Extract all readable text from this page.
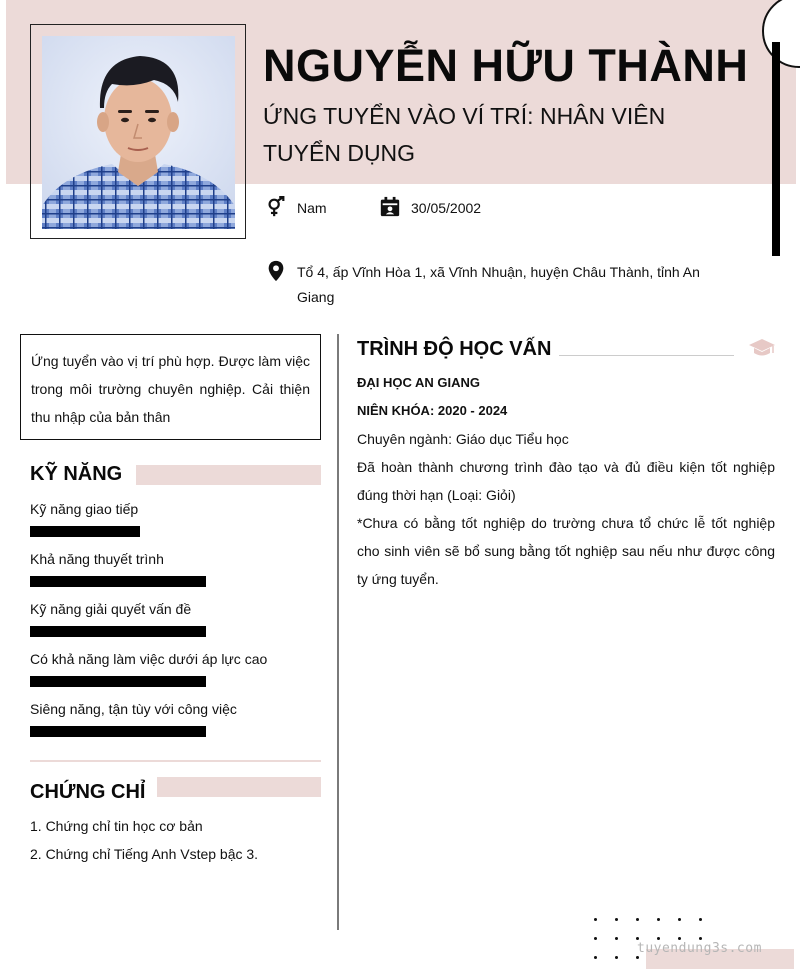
NGUYỄN HỮU THÀNH
ỨNG TUYỂN VÀO VÍ TRÍ: NHÂN VIÊN TUYỂN DỤNG
Nam	30/05/2002
Tổ 4, ấp Vĩnh Hòa 1, xã Vĩnh Nhuận, huyện Châu Thành, tỉnh An Giang
Ứng tuyển vào vị trí phù hợp. Được làm việc trong môi trường chuyên nghiệp. Cải thiện thu nhập của bản thân
KỸ NĂNG
Kỹ năng giao tiếp
Khả năng thuyết trình
Kỹ năng giải quyết vấn đề
Có khả năng làm việc dưới áp lực cao
Siêng năng, tận tùy với công việc
CHỨNG CHỈ
1. Chứng chỉ tin học cơ bản
2. Chứng chỉ Tiếng Anh Vstep bậc 3.
TRÌNH ĐỘ HỌC VẤN
ĐẠI HỌC AN GIANG
NIÊN KHÓA: 2020 - 2024
Chuyên ngành: Giáo dục Tiểu học
Đã hoàn thành chương trình đào tạo và đủ điều kiện tốt nghiệp đúng thời hạn (Loại: Giỏi)
*Chưa có bằng tốt nghiệp do trường chưa tổ chức lễ tốt nghiệp cho sinh viên sẽ bổ sung bằng tốt nghiệp sau nếu như được công ty ứng tuyển.
tuyendung3s.com
